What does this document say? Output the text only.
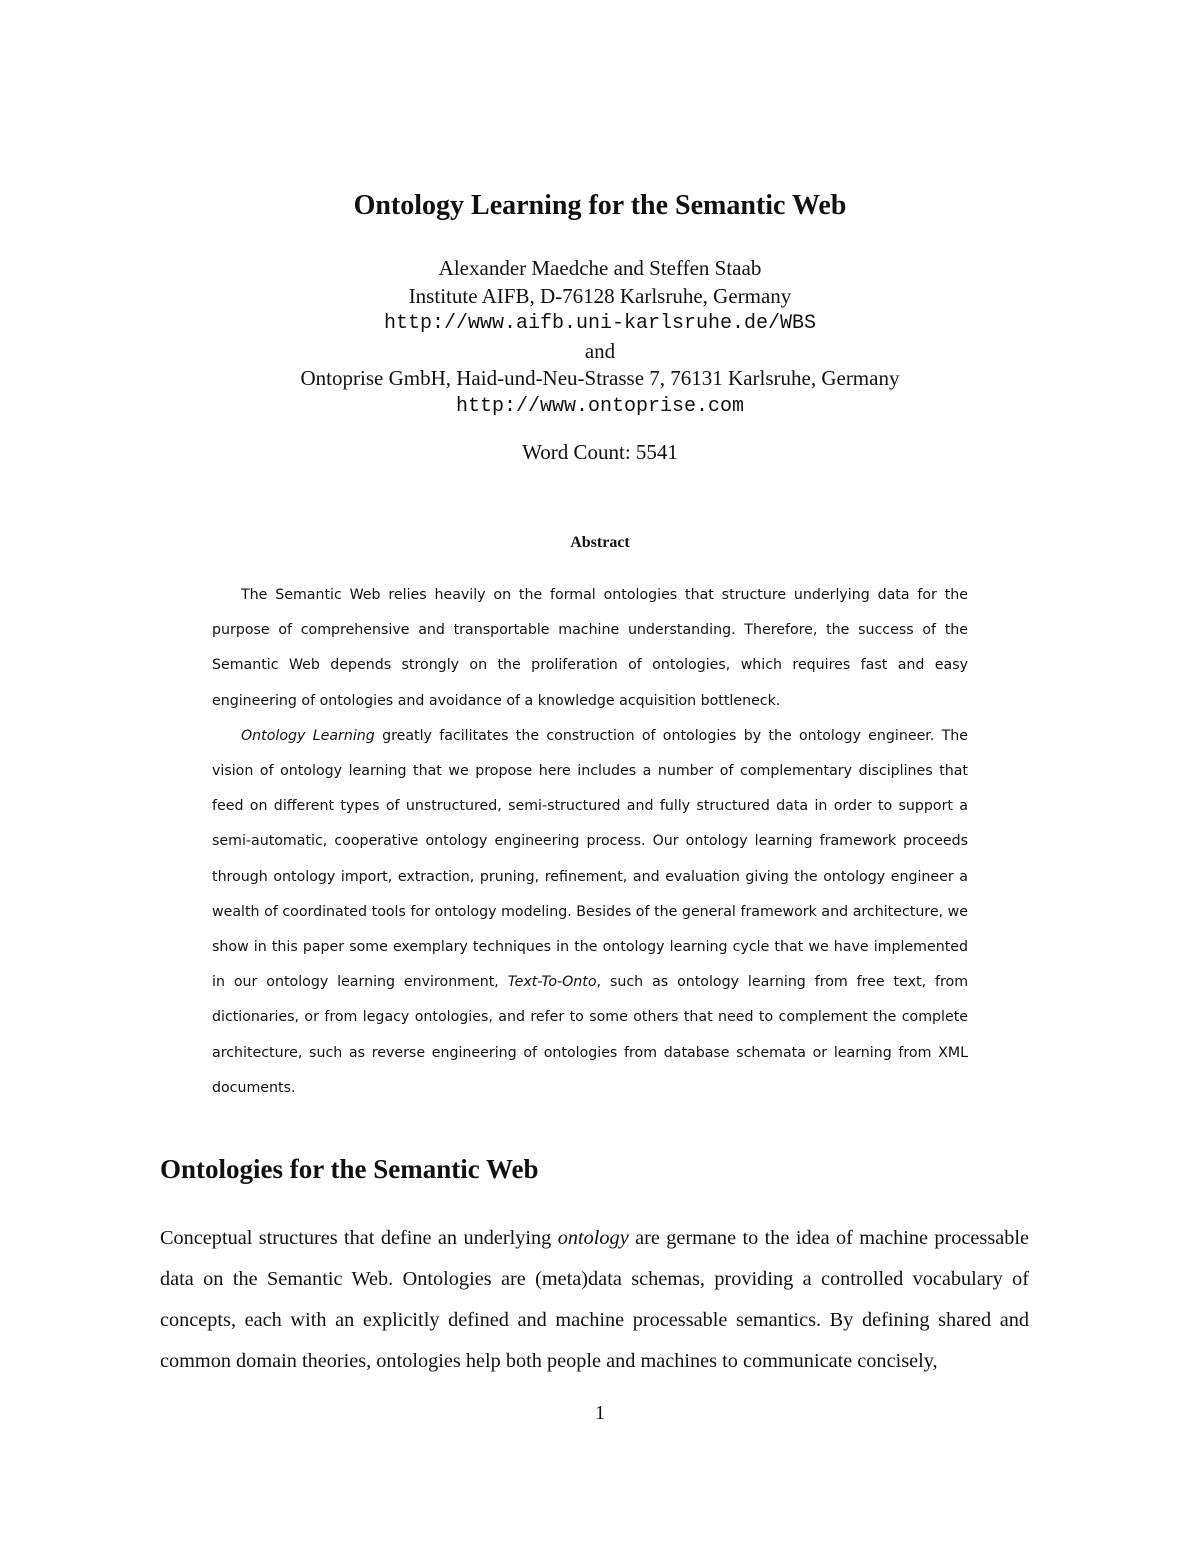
Ontology Learning for the Semantic Web
Alexander Maedche and Steffen Staab
Institute AIFB, D-76128 Karlsruhe, Germany
http://www.aifb.uni-karlsruhe.de/WBS
and
Ontoprise GmbH, Haid-und-Neu-Strasse 7, 76131 Karlsruhe, Germany
http://www.ontoprise.com
Word Count: 5541
Abstract

The Semantic Web relies heavily on the formal ontologies that structure underlying data for the purpose of comprehensive and transportable machine understanding. Therefore, the success of the Semantic Web depends strongly on the proliferation of ontologies, which requires fast and easy engineering of ontologies and avoidance of a knowledge acquisition bottleneck.

Ontology Learning greatly facilitates the construction of ontologies by the ontology engineer. The vision of ontology learning that we propose here includes a number of complementary disciplines that feed on different types of unstructured, semi-structured and fully structured data in order to support a semi-automatic, cooperative ontology engineering process. Our ontology learning framework proceeds through ontology import, extraction, pruning, refinement, and evaluation giving the ontology engineer a wealth of coordinated tools for ontology modeling. Besides of the general framework and architecture, we show in this paper some exemplary techniques in the ontology learning cycle that we have implemented in our ontology learning environment, Text-To-Onto, such as ontology learning from free text, from dictionaries, or from legacy ontologies, and refer to some others that need to complement the complete architecture, such as reverse engineering of ontologies from database schemata or learning from XML documents.

Ontologies for the Semantic Web

Conceptual structures that define an underlying ontology are germane to the idea of machine processable data on the Semantic Web. Ontologies are (meta)data schemas, providing a controlled vocabulary of concepts, each with an explicitly defined and machine processable semantics. By defining shared and common domain theories, ontologies help both people and machines to communicate concisely,

1
